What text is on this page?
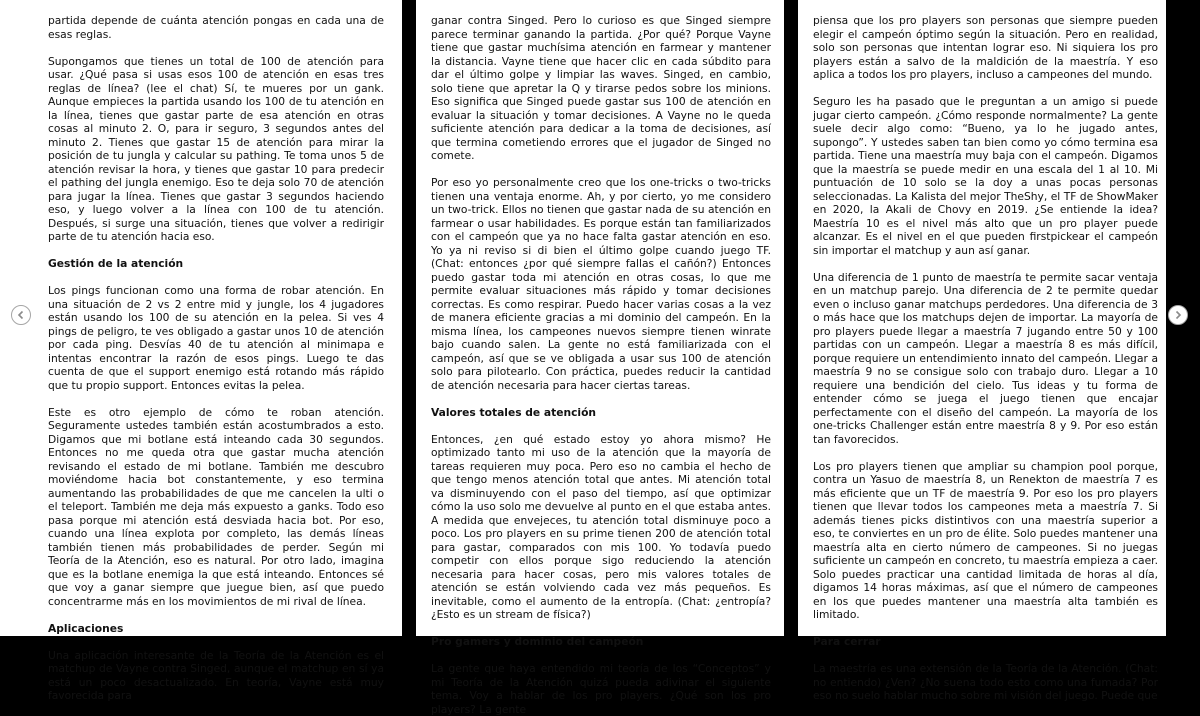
partida depende de cuánta atención pongas en cada una de esas reglas.

Supongamos que tienes un total de 100 de atención para usar. ¿Qué pasa si usas esos 100 de atención en esas tres reglas de línea? (lee el chat) Sí, te mueres por un gank. Aunque empieces la partida usando los 100 de tu atención en la línea, tienes que gastar parte de esa atención en otras cosas al minuto 2. O, para ir seguro, 3 segundos antes del minuto 2. Tienes que gastar 15 de atención para mirar la posición de tu jungla y calcular su pathing. Te toma unos 5 de atención revisar la hora, y tienes que gastar 10 para predecir el pathing del jungla enemigo. Eso te deja solo 70 de atención para jugar la línea. Tienes que gastar 3 segundos haciendo eso, y luego volver a la línea con 100 de tu atención. Después, si surge una situación, tienes que volver a redirigir parte de tu atención hacia eso.

Gestión de la atención

Los pings funcionan como una forma de robar atención. En una situación de 2 vs 2 entre mid y jungle, los 4 jugadores están usando los 100 de su atención en la pelea. Si ves 4 pings de peligro, te ves obligado a gastar unos 10 de atención por cada ping. Desvías 40 de tu atención al minimapa e intentas encontrar la razón de esos pings. Luego te das cuenta de que el support enemigo está rotando más rápido que tu propio support. Entonces evitas la pelea.

Este es otro ejemplo de cómo te roban atención. Seguramente ustedes también están acostumbrados a esto. Digamos que mi botlane está inteando cada 30 segundos. Entonces no me queda otra que gastar mucha atención revisando el estado de mi botlane. También me descubro moviéndome hacia bot constantemente, y eso termina aumentando las probabilidades de que me cancelen la ulti o el teleport. También me deja más expuesto a ganks. Todo eso pasa porque mi atención está desviada hacia bot. Por eso, cuando una línea explota por completo, las demás líneas también tienen más probabilidades de perder. Según mi Teoría de la Atención, eso es natural. Por otro lado, imagina que es la botlane enemiga la que está inteando. Entonces sé que voy a ganar siempre que juegue bien, así que puedo concentrarme más en los movimientos de mi rival de línea.

Aplicaciones

Una aplicación interesante de la Teoría de la Atención es el matchup de Vayne contra Singed, aunque el matchup en sí ya está un poco desactualizado. En teoría, Vayne está muy favorecida para

ganar contra Singed. Pero lo curioso es que Singed siempre parece terminar ganando la partida. ¿Por qué? Porque Vayne tiene que gastar muchísima atención en farmear y mantener la distancia. Vayne tiene que hacer clic en cada súbdito para dar el último golpe y limpiar las waves. Singed, en cambio, solo tiene que apretar la Q y tirarse pedos sobre los minions. Eso significa que Singed puede gastar sus 100 de atención en evaluar la situación y tomar decisiones. A Vayne no le queda suficiente atención para dedicar a la toma de decisiones, así que termina cometiendo errores que el jugador de Singed no comete.

Por eso yo personalmente creo que los one-tricks o two-tricks tienen una ventaja enorme. Ah, y por cierto, yo me considero un two-trick. Ellos no tienen que gastar nada de su atención en farmear o usar habilidades. Es porque están tan familiarizados con el campeón que ya no hace falta gastar atención en eso. Yo ya ni reviso si di bien el último golpe cuando juego TF. (Chat: entonces ¿por qué siempre fallas el cañón?) Entonces puedo gastar toda mi atención en otras cosas, lo que me permite evaluar situaciones más rápido y tomar decisiones correctas. Es como respirar. Puedo hacer varias cosas a la vez de manera eficiente gracias a mi dominio del campeón. En la misma línea, los campeones nuevos siempre tienen winrate bajo cuando salen. La gente no está familiarizada con el campeón, así que se ve obligada a usar sus 100 de atención solo para pilotearlo. Con práctica, puedes reducir la cantidad de atención necesaria para hacer ciertas tareas.

Valores totales de atención

Entonces, ¿en qué estado estoy yo ahora mismo? He optimizado tanto mi uso de la atención que la mayoría de tareas requieren muy poca. Pero eso no cambia el hecho de que tengo menos atención total que antes. Mi atención total va disminuyendo con el paso del tiempo, así que optimizar cómo la uso solo me devuelve al punto en el que estaba antes. A medida que envejeces, tu atención total disminuye poco a poco. Los pro players en su prime tienen 200 de atención total para gastar, comparados con mis 100. Yo todavía puedo competir con ellos porque sigo reduciendo la atención necesaria para hacer cosas, pero mis valores totales de atención se están volviendo cada vez más pequeños. Es inevitable, como el aumento de la entropía. (Chat: ¿entropía? ¿Esto es un stream de física?)

Pro gamers y dominio del campeón

La gente que haya entendido mi teoría de los “Conceptos” y mi Teoría de la Atención quizá pueda adivinar el siguiente tema. Voy a hablar de los pro players. ¿Qué son los pro players? La gente

piensa que los pro players son personas que siempre pueden elegir el campeón óptimo según la situación. Pero en realidad, solo son personas que intentan lograr eso. Ni siquiera los pro players están a salvo de la maldición de la maestría. Y eso aplica a todos los pro players, incluso a campeones del mundo.

Seguro les ha pasado que le preguntan a un amigo si puede jugar cierto campeón. ¿Cómo responde normalmente? La gente suele decir algo como: “Bueno, ya lo he jugado antes, supongo”. Y ustedes saben tan bien como yo cómo termina esa partida. Tiene una maestría muy baja con el campeón. Digamos que la maestría se puede medir en una escala del 1 al 10. Mi puntuación de 10 solo se la doy a unas pocas personas seleccionadas. La Kalista del mejor TheShy, el TF de ShowMaker en 2020, la Akali de Chovy en 2019. ¿Se entiende la idea? Maestría 10 es el nivel más alto que un pro player puede alcanzar. Es el nivel en el que pueden firstpickear el campeón sin importar el matchup y aun así ganar.

Una diferencia de 1 punto de maestría te permite sacar ventaja en un matchup parejo. Una diferencia de 2 te permite quedar even o incluso ganar matchups perdedores. Una diferencia de 3 o más hace que los matchups dejen de importar. La mayoría de pro players puede llegar a maestría 7 jugando entre 50 y 100 partidas con un campeón. Llegar a maestría 8 es más difícil, porque requiere un entendimiento innato del campeón. Llegar a maestría 9 no se consigue solo con trabajo duro. Llegar a 10 requiere una bendición del cielo. Tus ideas y tu forma de entender cómo se juega el juego tienen que encajar perfectamente con el diseño del campeón. La mayoría de los one-tricks Challenger están entre maestría 8 y 9. Por eso están tan favorecidos.

Los pro players tienen que ampliar su champion pool porque, contra un Yasuo de maestría 8, un Renekton de maestría 7 es más eficiente que un TF de maestría 9. Por eso los pro players tienen que llevar todos los campeones meta a maestría 7. Si además tienes picks distintivos con una maestría superior a eso, te conviertes en un pro de élite. Solo puedes mantener una maestría alta en cierto número de campeones. Si no juegas suficiente un campeón en concreto, tu maestría empieza a caer. Solo puedes practicar una cantidad limitada de horas al día, digamos 14 horas máximas, así que el número de campeones en los que puedes mantener una maestría alta también es limitado.

Para cerrar

La maestría es una extensión de la Teoría de la Atención. (Chat: no entiendo) ¿Ven? ¿No suena todo esto como una fumada? Por eso no suelo hablar mucho sobre mi visión del juego. Puede que
